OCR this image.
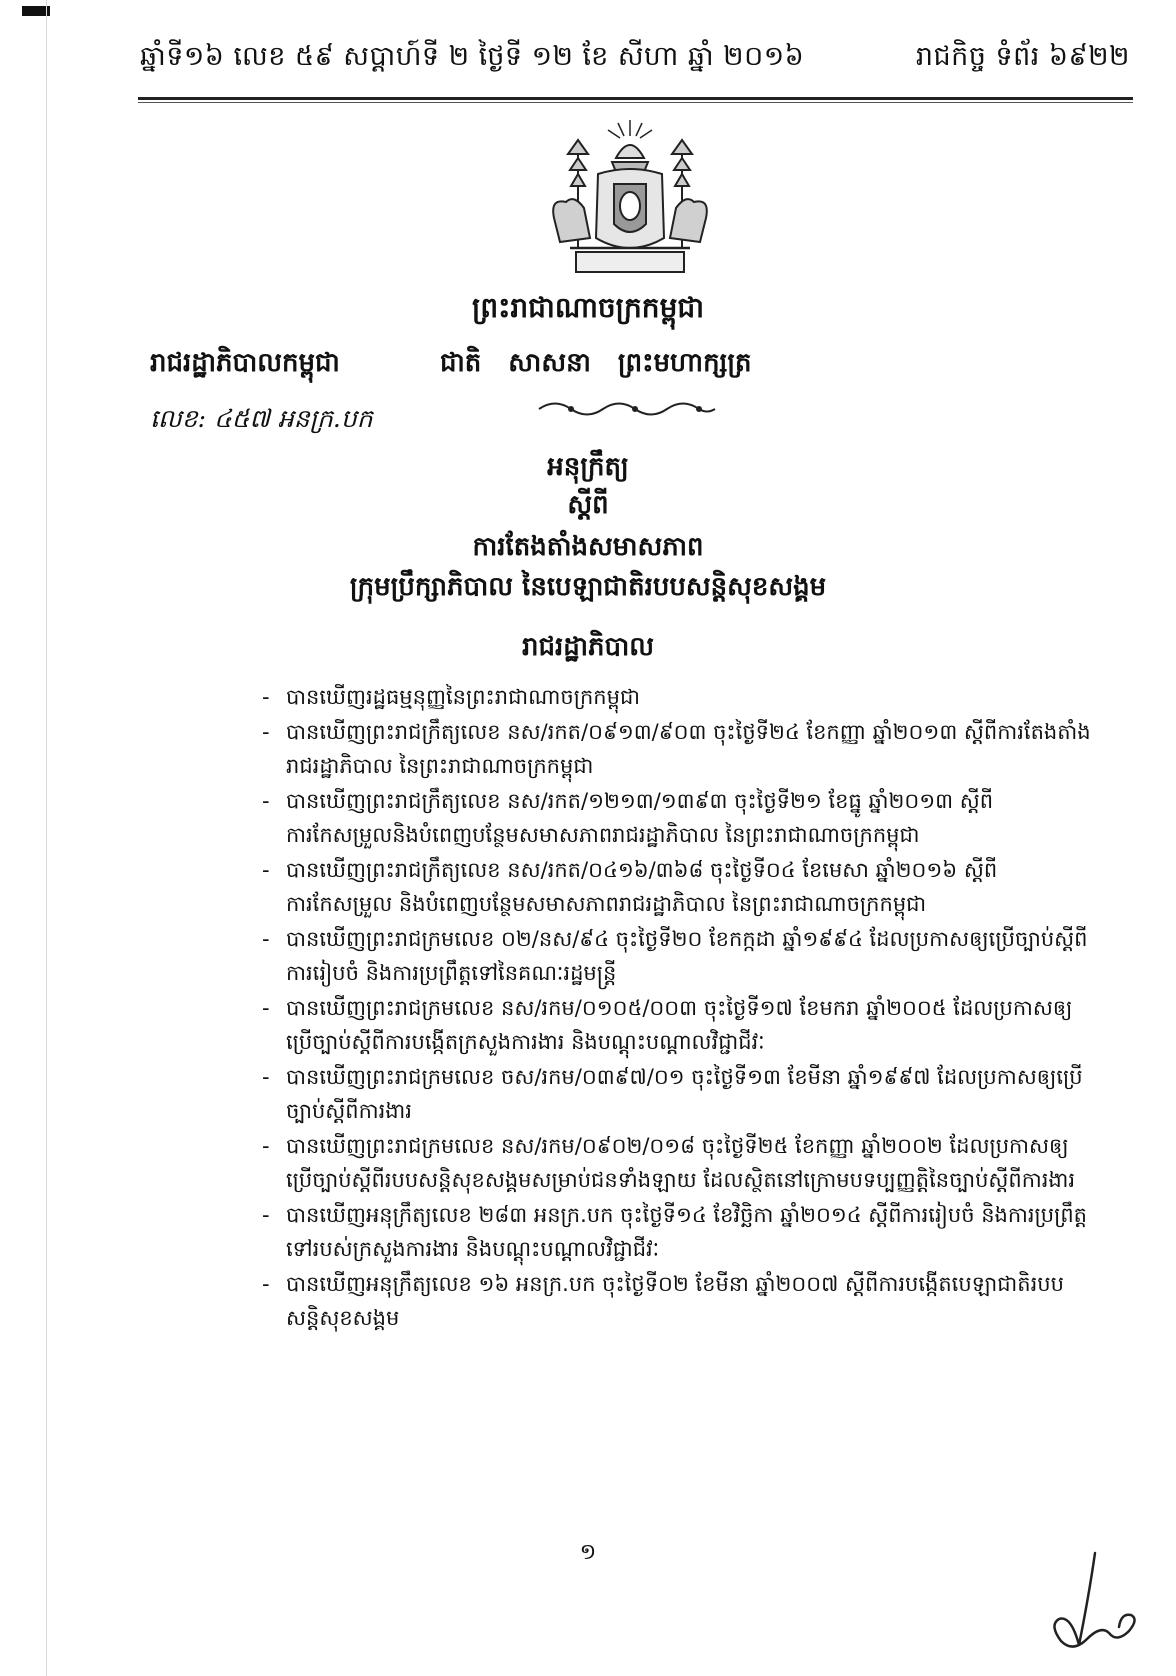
ឆ្នាំទី១៦ លេខ ៥៩ សប្តាហ៍ទី ២ ថ្ងៃទី ១២ ខែ សីហា ឆ្នាំ ២០១៦	រាជកិច្ច ទំព័រ ៦៩២២
ព្រះរាជាណាចក្រកម្ពុជា
រាជរដ្ឋាភិបាលកម្ពុជា	ជាតិ សាសនា ព្រះមហាក្សត្រ
លេខ: ៤៥៧ អនក្រ.បក
អនុក្រឹត្យ
ស្តីពី
ការតែងតាំងសមាសភាព
ក្រុមប្រឹក្សាភិបាល នៃបេឡាជាតិរបបសន្តិសុខសង្គម
រាជរដ្ឋាភិបាល
- បានឃើញរដ្ឋធម្មនុញ្ញនៃព្រះរាជាណាចក្រកម្ពុជា
- បានឃើញព្រះរាជក្រឹត្យលេខ នស/រកត/០៩១៣/៩០៣ ចុះថ្ងៃទី២៤ ខែកញ្ញា ឆ្នាំ២០១៣ ស្តីពីការតែងតាំងរាជរដ្ឋាភិបាល នៃព្រះរាជាណាចក្រកម្ពុជា
- បានឃើញព្រះរាជក្រឹត្យលេខ នស/រកត/១២១៣/១៣៩៣ ចុះថ្ងៃទី២១ ខែធ្នូ ឆ្នាំ២០១៣ ស្តីពីការកែសម្រួលនិងបំពេញបន្ថែមសមាសភាពរាជរដ្ឋាភិបាល នៃព្រះរាជាណាចក្រកម្ពុជា
- បានឃើញព្រះរាជក្រឹត្យលេខ នស/រកត/០៤១៦/៣៦៨ ចុះថ្ងៃទី០៤ ខែមេសា ឆ្នាំ២០១៦ ស្តីពីការកែសម្រួល និងបំពេញបន្ថែមសមាសភាពរាជរដ្ឋាភិបាល នៃព្រះរាជាណាចក្រកម្ពុជា
- បានឃើញព្រះរាជក្រមលេខ ០២/នស/៩៤ ចុះថ្ងៃទី២០ ខែកក្កដា ឆ្នាំ១៩៩៤ ដែលប្រកាសឲ្យប្រើច្បាប់ស្តីពីការរៀបចំ និងការប្រព្រឹត្តទៅនៃគណៈរដ្ឋមន្ត្រី
- បានឃើញព្រះរាជក្រមលេខ នស/រកម/០១០៥/០០៣ ចុះថ្ងៃទី១៧ ខែមករា ឆ្នាំ២០០៥ ដែលប្រកាសឲ្យប្រើច្បាប់ស្តីពីការបង្កើតក្រសួងការងារ និងបណ្តុះបណ្តាលវិជ្ជាជីវៈ
- បានឃើញព្រះរាជក្រមលេខ ចស/រកម/០៣៩៧/០១ ចុះថ្ងៃទី១៣ ខែមីនា ឆ្នាំ១៩៩៧ ដែលប្រកាសឲ្យប្រើច្បាប់ស្តីពីការងារ
- បានឃើញព្រះរាជក្រមលេខ នស/រកម/០៩០២/០១៨ ចុះថ្ងៃទី២៥ ខែកញ្ញា ឆ្នាំ២០០២ ដែលប្រកាសឲ្យប្រើច្បាប់ស្តីពីរបបសន្តិសុខសង្គមសម្រាប់ជនទាំងឡាយ ដែលស្ថិតនៅក្រោមបទប្បញ្ញត្តិនៃច្បាប់ស្តីពីការងារ
- បានឃើញអនុក្រឹត្យលេខ ២៨៣ អនក្រ.បក ចុះថ្ងៃទី១៤ ខែវិច្ឆិកា ឆ្នាំ២០១៤ ស្តីពីការរៀបចំ និងការប្រព្រឹត្តទៅរបស់ក្រសួងការងារ និងបណ្តុះបណ្តាលវិជ្ជាជីវៈ
- បានឃើញអនុក្រឹត្យលេខ ១៦ អនក្រ.បក ចុះថ្ងៃទី០២ ខែមីនា ឆ្នាំ២០០៧ ស្តីពីការបង្កើតបេឡាជាតិរបបសន្តិសុខសង្គម
១
